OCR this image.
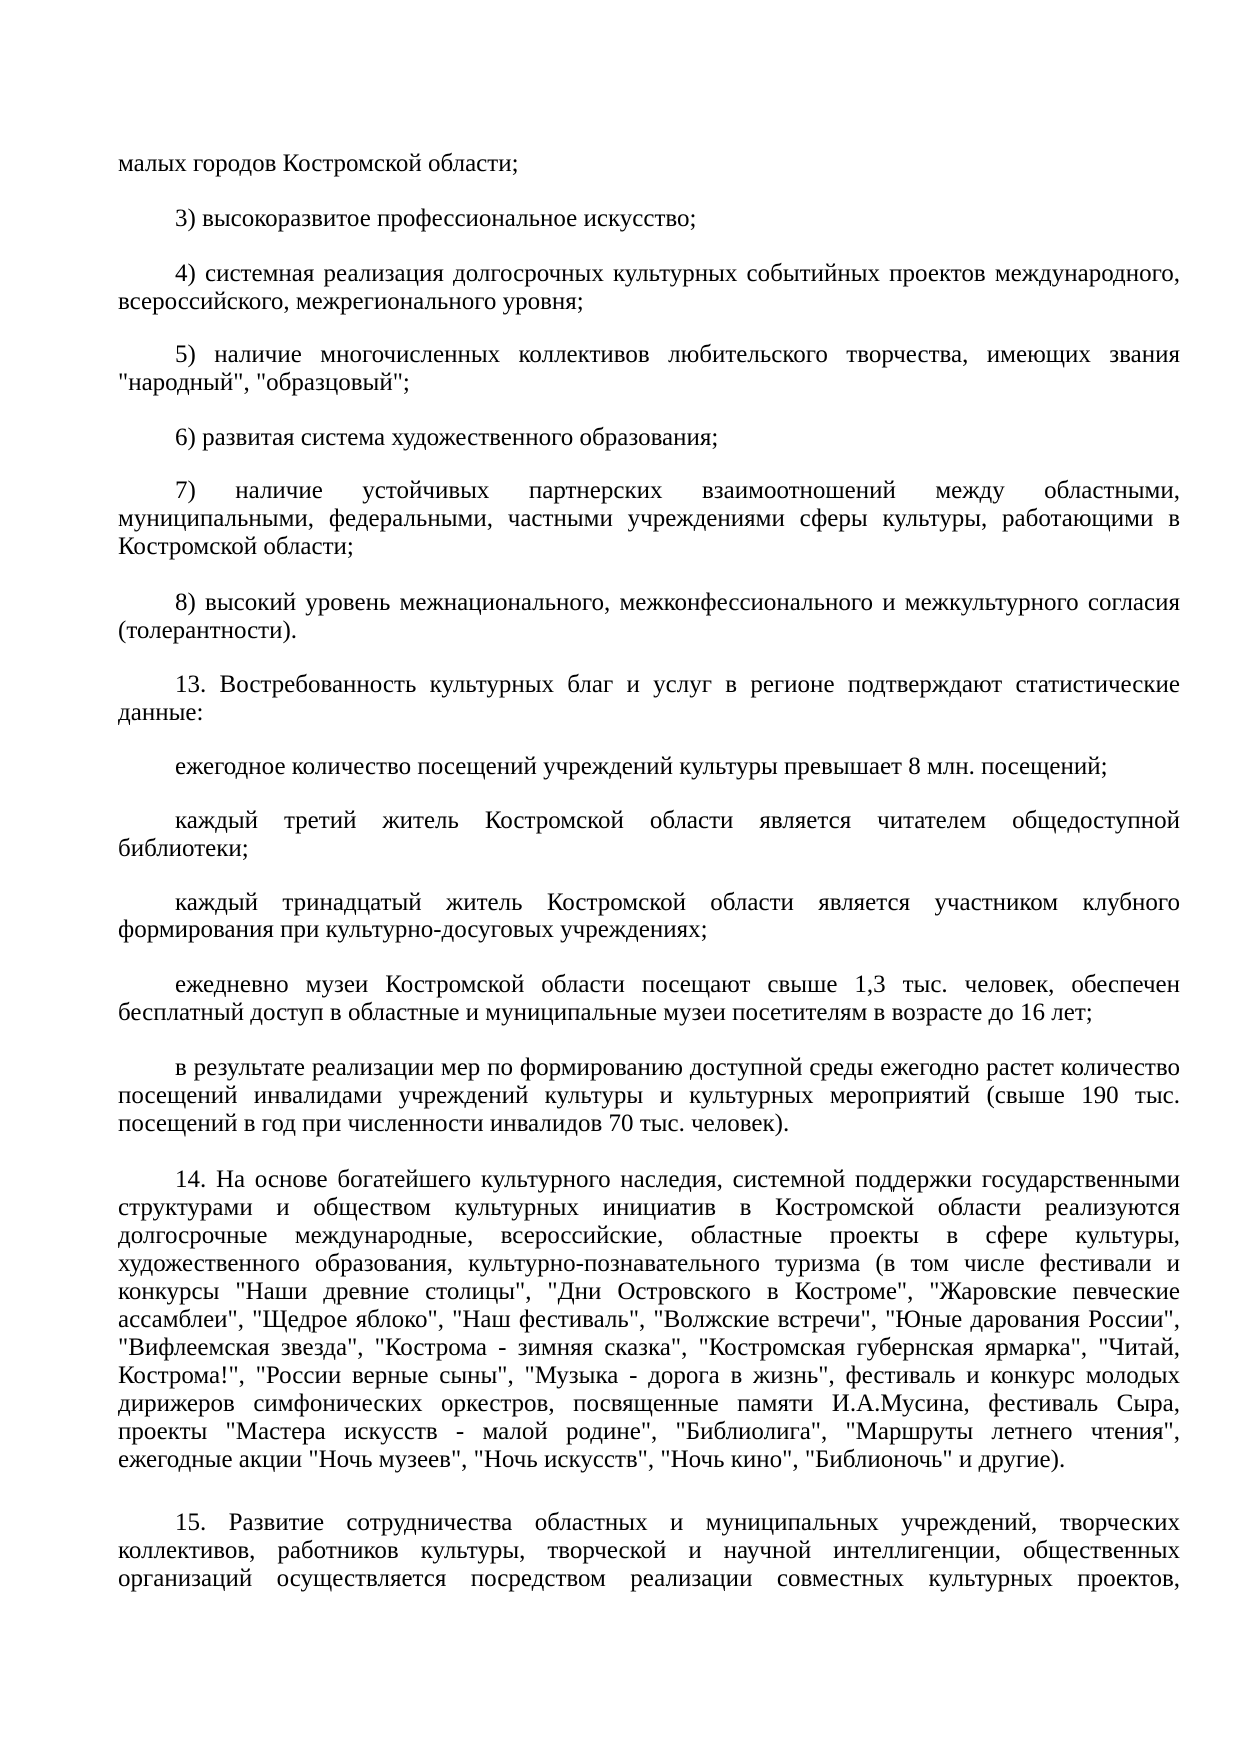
малых городов Костромской области;
3) высокоразвитое профессиональное искусство;
4) системная реализация долгосрочных культурных событийных проектов международного,
всероссийского, межрегионального уровня;
5) наличие многочисленных коллективов любительского творчества, имеющих звания
"народный", "образцовый";
6) развитая система художественного образования;
7) наличие устойчивых партнерских взаимоотношений между областными,
муниципальными, федеральными, частными учреждениями сферы культуры, работающими в
Костромской области;
8) высокий уровень межнационального, межконфессионального и межкультурного согласия
(толерантности).
13. Востребованность культурных благ и услуг в регионе подтверждают статистические
данные:
ежегодное количество посещений учреждений культуры превышает 8 млн. посещений;
каждый третий житель Костромской области является читателем общедоступной
библиотеки;
каждый тринадцатый житель Костромской области является участником клубного
формирования при культурно-досуговых учреждениях;
ежедневно музеи Костромской области посещают свыше 1,3 тыс. человек, обеспечен
бесплатный доступ в областные и муниципальные музеи посетителям в возрасте до 16 лет;
в результате реализации мер по формированию доступной среды ежегодно растет количество
посещений инвалидами учреждений культуры и культурных мероприятий (свыше 190 тыс.
посещений в год при численности инвалидов 70 тыс. человек).
14. На основе богатейшего культурного наследия, системной поддержки государственными
структурами и обществом культурных инициатив в Костромской области реализуются
долгосрочные международные, всероссийские, областные проекты в сфере культуры,
художественного образования, культурно-познавательного туризма (в том числе фестивали и
конкурсы "Наши древние столицы", "Дни Островского в Костроме", "Жаровские певческие
ассамблеи", "Щедрое яблоко", "Наш фестиваль", "Волжские встречи", "Юные дарования России",
"Вифлеемская звезда", "Кострома - зимняя сказка", "Костромская губернская ярмарка", "Читай,
Кострома!", "России верные сыны", "Музыка - дорога в жизнь", фестиваль и конкурс молодых
дирижеров симфонических оркестров, посвященные памяти И.А.Мусина, фестиваль Сыра,
проекты "Мастера искусств - малой родине", "Библиолига", "Маршруты летнего чтения",
ежегодные акции "Ночь музеев", "Ночь искусств", "Ночь кино", "Библионочь" и другие).
15. Развитие сотрудничества областных и муниципальных учреждений, творческих
коллективов, работников культуры, творческой и научной интеллигенции, общественных
организаций осуществляется посредством реализации совместных культурных проектов,
